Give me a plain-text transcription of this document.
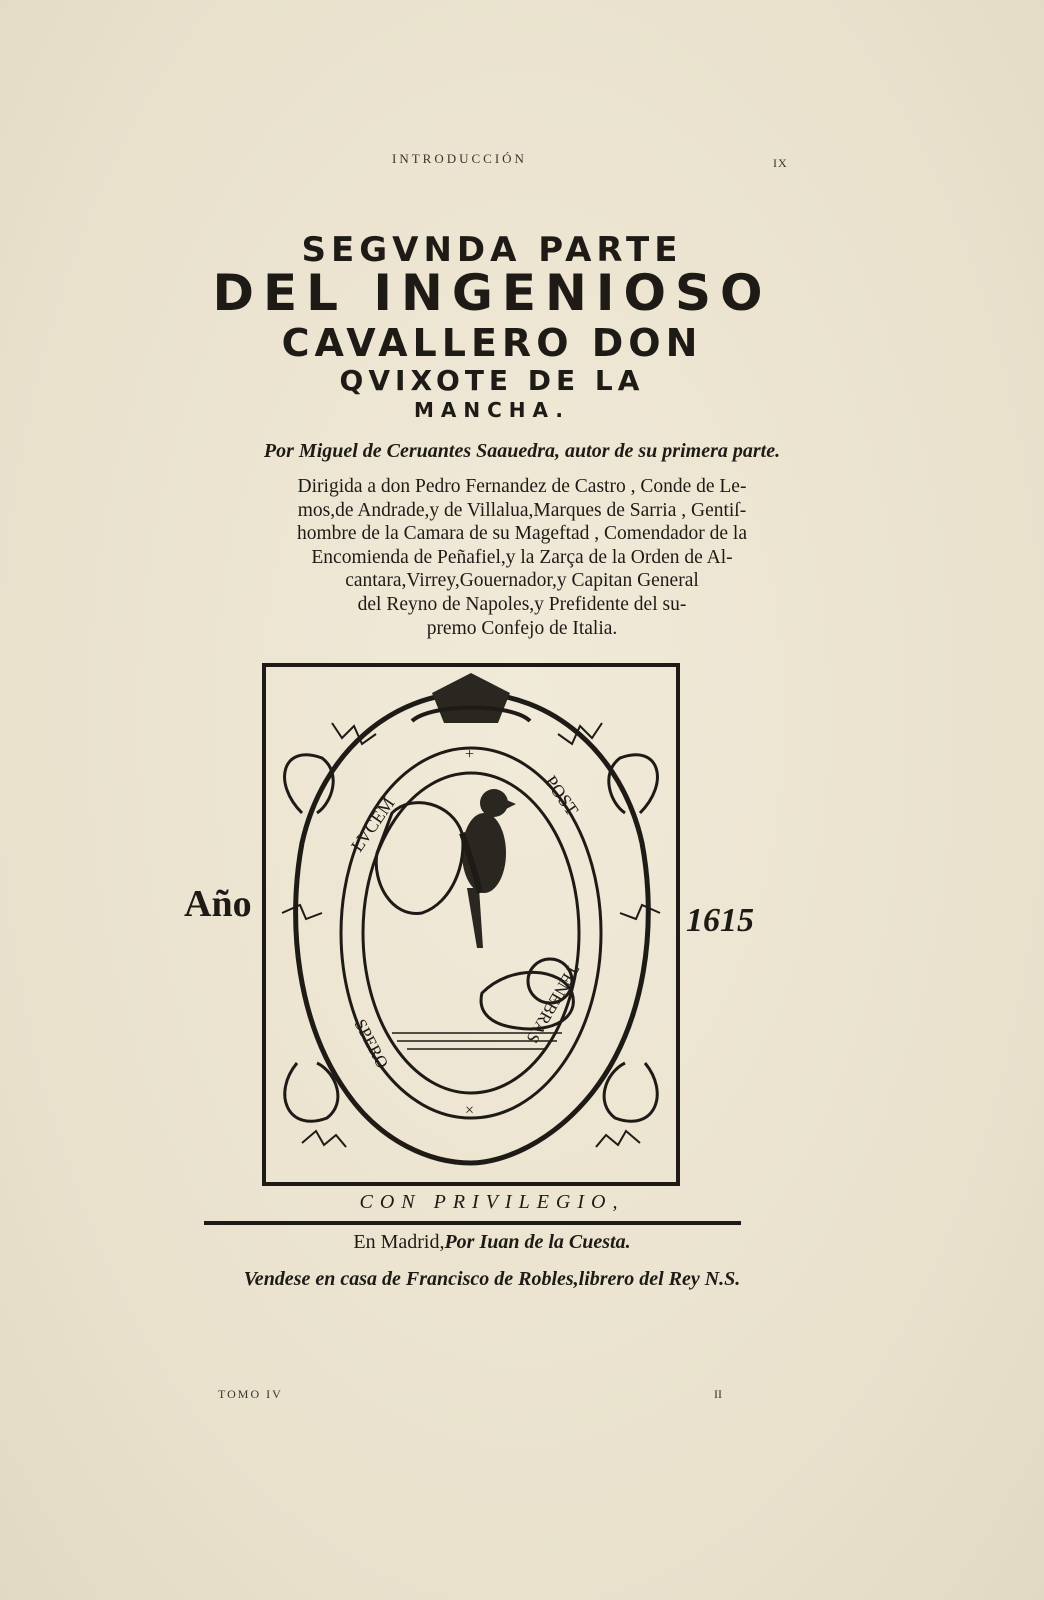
INTRODUCCIÓN	IX
SEGVNDA PARTE
DEL INGENIOSO
CAVALLERO DON
QVIXOTE DE LA
MANCHA.
Por Miguel de Ceruantes Saauedra, autor de su primera parte.
Dirigida a don Pedro Fernandez de Castro , Conde de Le-
mos,de Andrade,y de Villalua,Marques de Sarria , Gentiſ-
hombre de la Camara de su Mageftad , Comendador de la
Encomienda de Peñafiel,y la Zarça de la Orden de Al-
cantara,Virrey,Gouernador,y Capitan General
del Reyno de Napoles,y Prefidente del su-
premo Confejo de Italia.
Año	1615
LVCEM	POST
SPERO	TENEBRAS
+
×
CON PRIVILEGIO,
En Madrid,Por Iuan de la Cuesta.
Vendese en casa de Francisco de Robles,librero del Rey N.S.
TOMO IV	II
